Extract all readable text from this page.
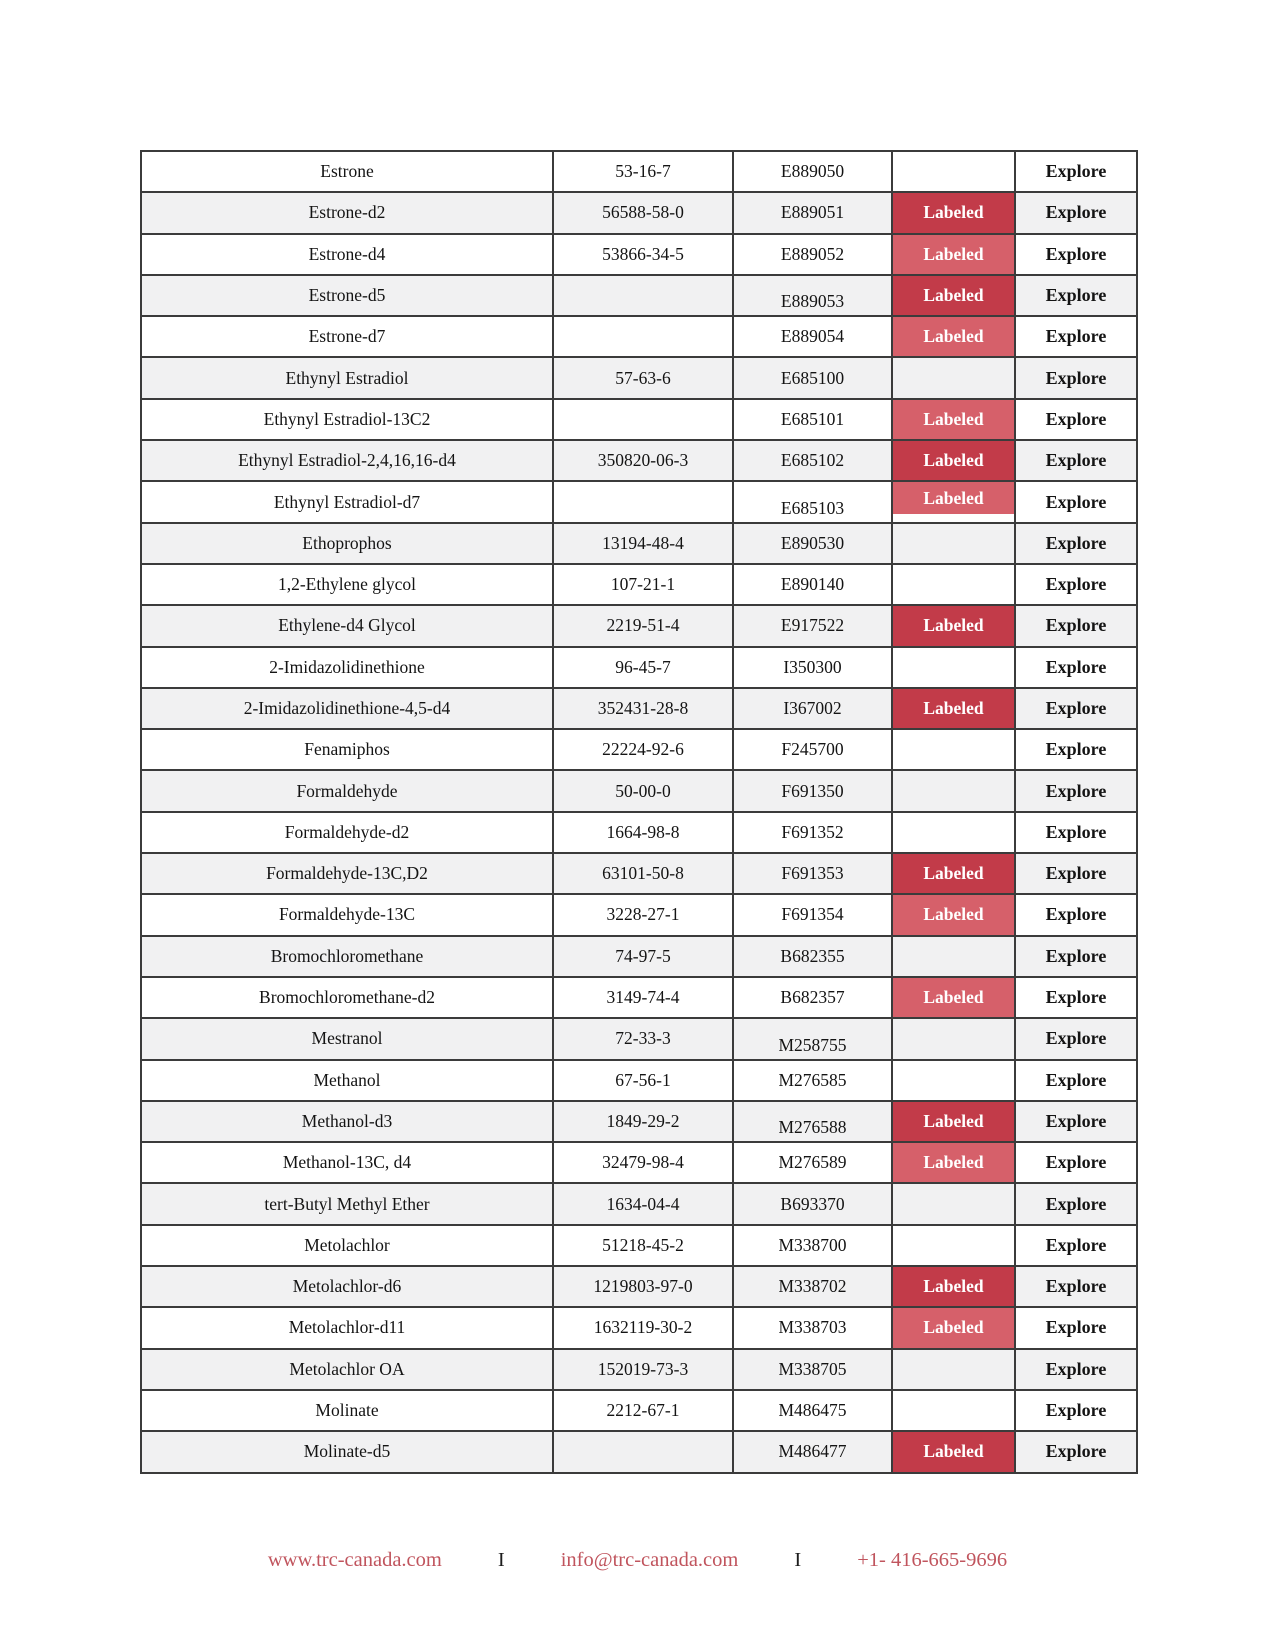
Estrone	53-16-7	E889050		Explore

Estrone-d2	56588-58-0	E889051	Labeled	Explore

Estrone-d4	53866-34-5	E889052	Labeled	Explore

Estrone-d5		E889053	Labeled	Explore

Estrone-d7		E889054	Labeled	Explore

Ethynyl Estradiol	57-63-6	E685100		Explore

Ethynyl Estradiol-13C2		E685101	Labeled	Explore

Ethynyl Estradiol-2,4,16,16-d4	350820-06-3	E685102	Labeled	Explore

Ethynyl Estradiol-d7		E685103	Labeled	Explore

Ethoprophos	13194-48-4	E890530		Explore

1,2-Ethylene glycol	107-21-1	E890140		Explore

Ethylene-d4 Glycol	2219-51-4	E917522	Labeled	Explore

2-Imidazolidinethione	96-45-7	I350300		Explore

2-Imidazolidinethione-4,5-d4	352431-28-8	I367002	Labeled	Explore

Fenamiphos	22224-92-6	F245700		Explore

Formaldehyde	50-00-0	F691350		Explore

Formaldehyde-d2	1664-98-8	F691352		Explore

Formaldehyde-13C,D2	63101-50-8	F691353	Labeled	Explore

Formaldehyde-13C	3228-27-1	F691354	Labeled	Explore

Bromochloromethane	74-97-5	B682355		Explore

Bromochloromethane-d2	3149-74-4	B682357	Labeled	Explore

Mestranol	72-33-3	M258755		Explore

Methanol	67-56-1	M276585		Explore

Methanol-d3	1849-29-2	M276588	Labeled	Explore

Methanol-13C, d4	32479-98-4	M276589	Labeled	Explore

tert-Butyl Methyl Ether	1634-04-4	B693370		Explore

Metolachlor	51218-45-2	M338700		Explore

Metolachlor-d6	1219803-97-0	M338702	Labeled	Explore

Metolachlor-d11	1632119-30-2	M338703	Labeled	Explore

Metolachlor OA	152019-73-3	M338705		Explore

Molinate	2212-67-1	M486475		Explore

Molinate-d5		M486477	Labeled	Explore
www.trc-canada.com	I	info@trc-canada.com	I	+1- 416-665-9696
